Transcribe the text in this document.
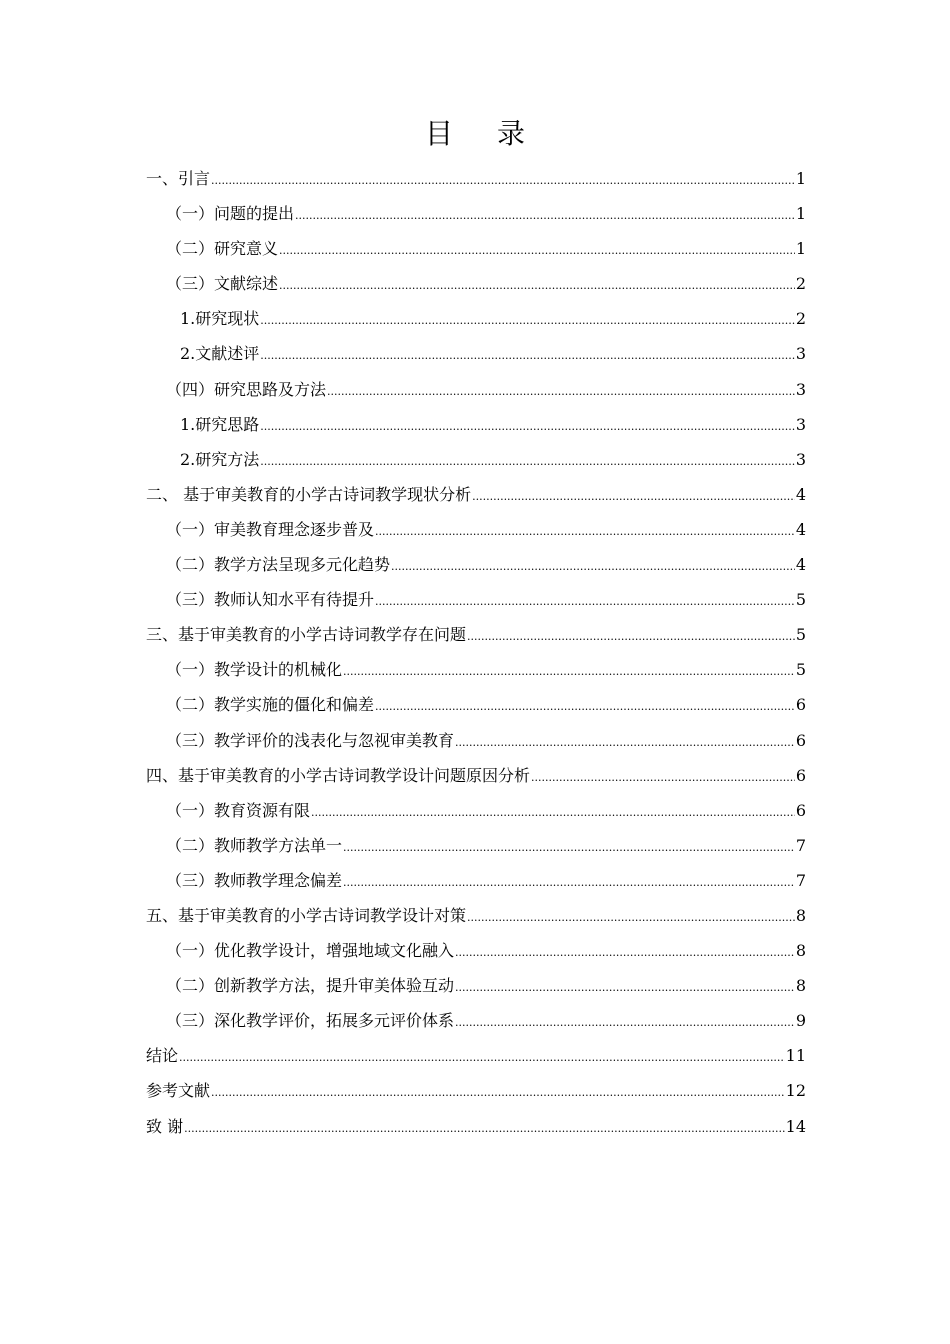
目 录
一、引言 .....	1
（一）问题的提出 .....	1
（二）研究意义 .....	1
（三）文献综述 .....	2
1.研究现状 .....	2
2.文献述评 .....	3
（四）研究思路及方法 .....	3
1.研究思路 .....	3
2.研究方法 .....	3
二、 基于审美教育的小学古诗词教学现状分析 .....	4
（一）审美教育理念逐步普及 .....	4
（二）教学方法呈现多元化趋势 .....	4
（三）教师认知水平有待提升 .....	5
三、基于审美教育的小学古诗词教学存在问题 .....	5
（一）教学设计的机械化 .....	5
（二）教学实施的僵化和偏差 .....	6
（三）教学评价的浅表化与忽视审美教育 .....	6
四、基于审美教育的小学古诗词教学设计问题原因分析 .....	6
（一）教育资源有限 .....	6
（二）教师教学方法单一 .....	7
（三）教师教学理念偏差 .....	7
五、基于审美教育的小学古诗词教学设计对策 .....	8
（一）优化教学设计，增强地域文化融入 .....	8
（二）创新教学方法，提升审美体验互动 .....	8
（三）深化教学评价，拓展多元评价体系 .....	9
结论 .....	11
参考文献 .....	12
致 谢 .....	14
